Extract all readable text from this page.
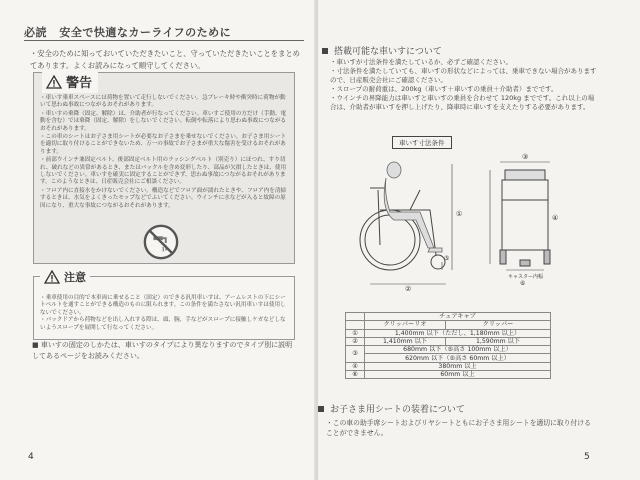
必読 安全で快適なカーライフのために
・安全のために知っておいていただきたいこと、守っていただきたいことをまとめてあります。よくお読みになって順守してください。
警告
・車いす乗車スペースには荷物を置いて走行しないでください。急ブレーキ時や衝突時に荷物が動いて思わぬ事故につながるおそれがあります。
・車いすの乗降（固定、解除）は、介助者が行なってください。車いすご使用の方だけ（手動、電動を含む）では乗降（固定、解除）をしないでください。転倒や転落により思わぬ事故につながるおそれがあります。
・この車のシートはお子さま用シートが必要なお子さまを乗せないでください。お子さま用シートを適切に取り付けることができないため、万一の事故でお子さまが重大な傷害を受けるおそれがあります。
・前部ウインチ兼固定ベルト、後部固定ベルト用のラッシングベルト（別売り）にほつれ、すり切れ、破れなどの異常があるとき、またはバックルを含め変形したり、部品が欠損したときは、使用しないでください。車いすを確実に固定することができず、思わぬ事故につながるおそれがあります。このようなときは、日産販売会社にご相談ください。
・フロア内に直接水をかけないでください。構造などでフロア面が濡れたときや、フロア内を清掃するときは、水気をよくきったモップなどでふいてください。ウインチに水などが入ると故障の原因になり、重大な事故につながるおそれがあります。
注意
・乗車使用の目的で本車両に乗せること（固定）のできる汎用車いすは、アームレストの下にシートベルトを通すことができる構造のものに限られます。この条件を満たさない汎用車いすは使用しないでください。
・バックドアから荷物などを出し入れする際は、頭、腕、手などがスロープに接触しケガなどしないようスロープを展開して行なってください。
■ 車いすの固定のしかたは、車いすのタイプにより異なりますのでタイプ別に説明してあるページをお読みください。
4
搭載可能な車いすについて
・車いすが寸法条件を満たしているか、必ずご確認ください。
・寸法条件を満たしていても、車いすの形状などによっては、乗車できない場合がありますので、日産販売会社にご確認ください。
・スロープの耐荷重は、200kg（車いす＋車いすの乗員＋介助者）までです。
・ウインチの昇降能力は車いすと車いすの乗員を合わせて 120kg までです。これ以上の場合は、介助者が車いすを押し上げたり、降車時に車いすを支えたりする必要があります。
車いす寸法条件
②
①
⑤
③
④
⑥
キャスター内幅
	チェアキャブ	
	クリッパーリオ	クリッパー
①	1,400mm 以下（ただし、1,180mm 以上）	
②	1,410mm 以下	1,590mm 以下
③	680mm 以下（⑤高さ 100mm 以上）	
	620mm 以下（⑤高さ 60mm 以上）	
④	380mm 以上	
⑥	60mm 以上	
お子さま用シートの装着について
・この車の助手席シートおよびリヤシートともにお子さま用シートを適切に取り付けることができません。
5
